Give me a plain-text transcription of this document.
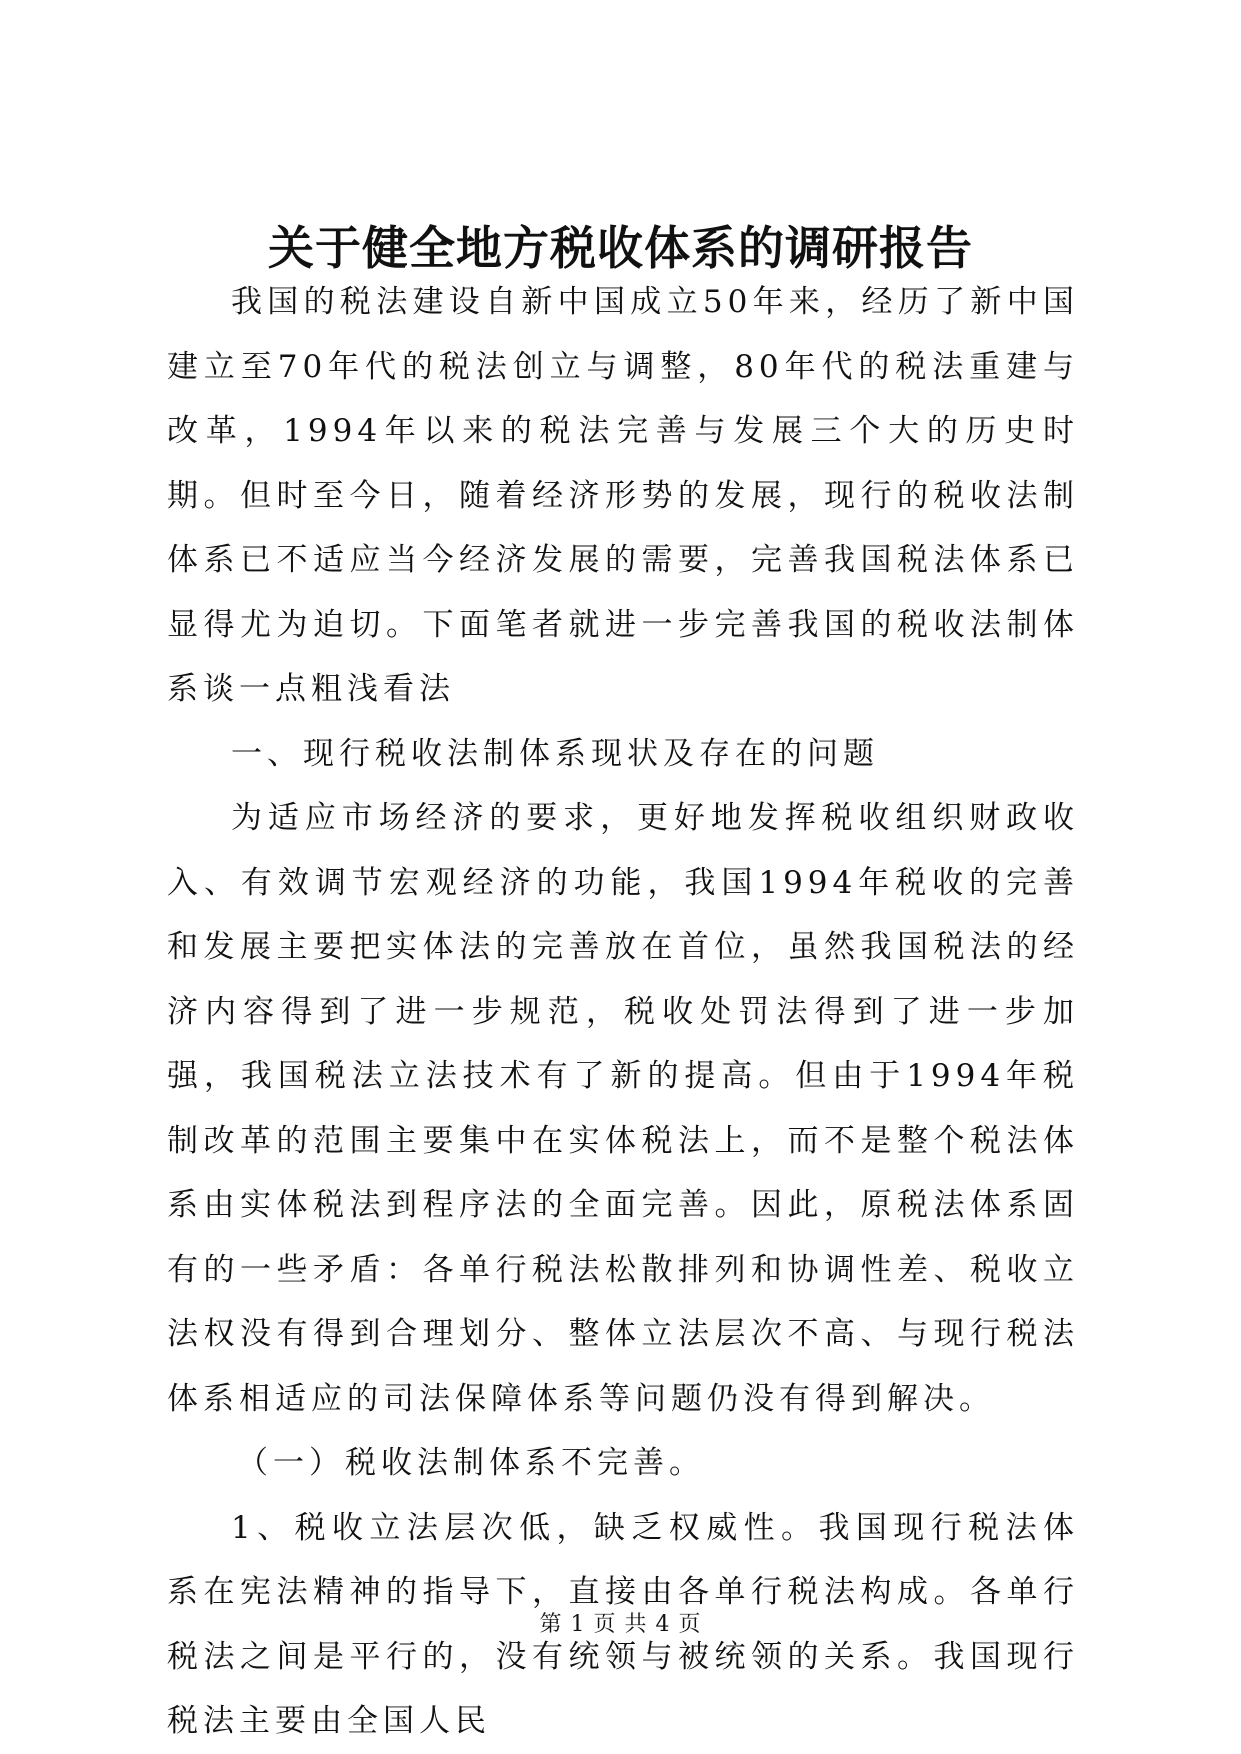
关于健全地方税收体系的调研报告

我国的税法建设自新中国成立50年来，经历了新中国建立至70年代的税法创立与调整，80年代的税法重建与改革，1994年以来的税法完善与发展三个大的历史时期。但时至今日，随着经济形势的发展，现行的税收法制体系已不适应当今经济发展的需要，完善我国税法体系已显得尤为迫切。下面笔者就进一步完善我国的税收法制体系谈一点粗浅看法

一、现行税收法制体系现状及存在的问题

为适应市场经济的要求，更好地发挥税收组织财政收入、有效调节宏观经济的功能，我国1994年税收的完善和发展主要把实体法的完善放在首位，虽然我国税法的经济内容得到了进一步规范，税收处罚法得到了进一步加强，我国税法立法技术有了新的提高。但由于1994年税制改革的范围主要集中在实体税法上，而不是整个税法体系由实体税法到程序法的全面完善。因此，原税法体系固有的一些矛盾：各单行税法松散排列和协调性差、税收立法权没有得到合理划分、整体立法层次不高、与现行税法体系相适应的司法保障体系等问题仍没有得到解决。

（一）税收法制体系不完善。

1、税收立法层次低，缺乏权威性。我国现行税法体系在宪法精神的指导下，直接由各单行税法构成。各单行税法之间是平行的，没有统领与被统领的关系。我国现行税法主要由全国人民

第 1 页 共 4 页
